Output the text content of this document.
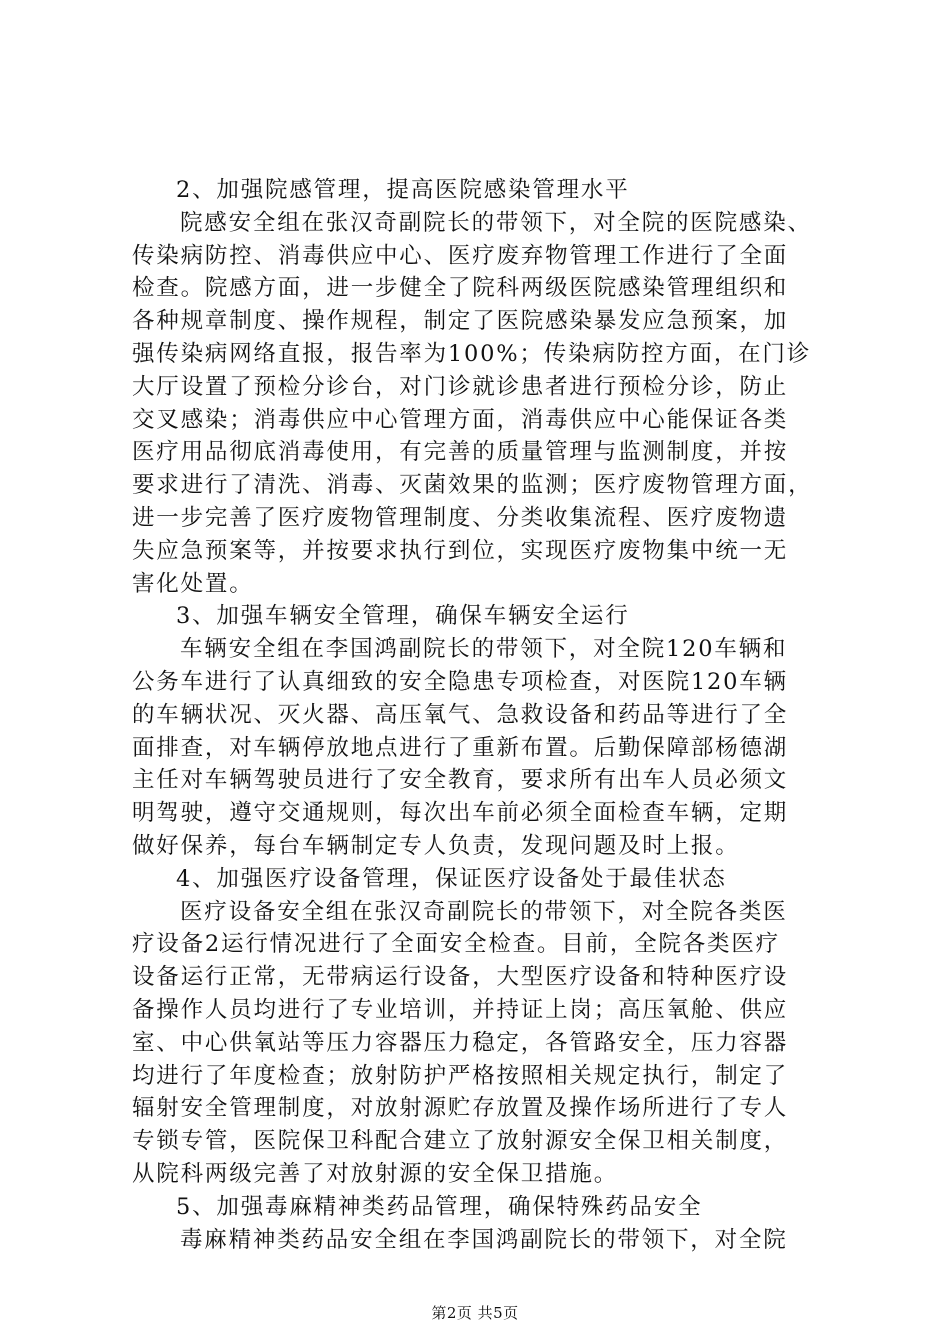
2、加强院感管理，提高医院感染管理水平

院感安全组在张汉奇副院长的带领下，对全院的医院感染、
传染病防控、消毒供应中心、医疗废弃物管理工作进行了全面
检查。院感方面，进一步健全了院科两级医院感染管理组织和
各种规章制度、操作规程，制定了医院感染暴发应急预案，加
强传染病网络直报，报告率为100%；传染病防控方面，在门诊
大厅设置了预检分诊台，对门诊就诊患者进行预检分诊，防止
交叉感染；消毒供应中心管理方面，消毒供应中心能保证各类
医疗用品彻底消毒使用，有完善的质量管理与监测制度，并按
要求进行了清洗、消毒、灭菌效果的监测；医疗废物管理方面，
进一步完善了医疗废物管理制度、分类收集流程、医疗废物遗
失应急预案等，并按要求执行到位，实现医疗废物集中统一无
害化处置。

3、加强车辆安全管理，确保车辆安全运行

车辆安全组在李国鸿副院长的带领下，对全院120车辆和
公务车进行了认真细致的安全隐患专项检查，对医院120车辆
的车辆状况、灭火器、高压氧气、急救设备和药品等进行了全
面排查，对车辆停放地点进行了重新布置。后勤保障部杨德湖
主任对车辆驾驶员进行了安全教育，要求所有出车人员必须文
明驾驶，遵守交通规则，每次出车前必须全面检查车辆，定期
做好保养，每台车辆制定专人负责，发现问题及时上报。

4、加强医疗设备管理，保证医疗设备处于最佳状态

医疗设备安全组在张汉奇副院长的带领下，对全院各类医
疗设备2运行情况进行了全面安全检查。目前，全院各类医疗
设备运行正常，无带病运行设备，大型医疗设备和特种医疗设
备操作人员均进行了专业培训，并持证上岗；高压氧舱、供应
室、中心供氧站等压力容器压力稳定，各管路安全，压力容器
均进行了年度检查；放射防护严格按照相关规定执行，制定了
辐射安全管理制度，对放射源贮存放置及操作场所进行了专人
专锁专管，医院保卫科配合建立了放射源安全保卫相关制度，
从院科两级完善了对放射源的安全保卫措施。

5、加强毒麻精神类药品管理，确保特殊药品安全

毒麻精神类药品安全组在李国鸿副院长的带领下，对全院

第2页 共5页
